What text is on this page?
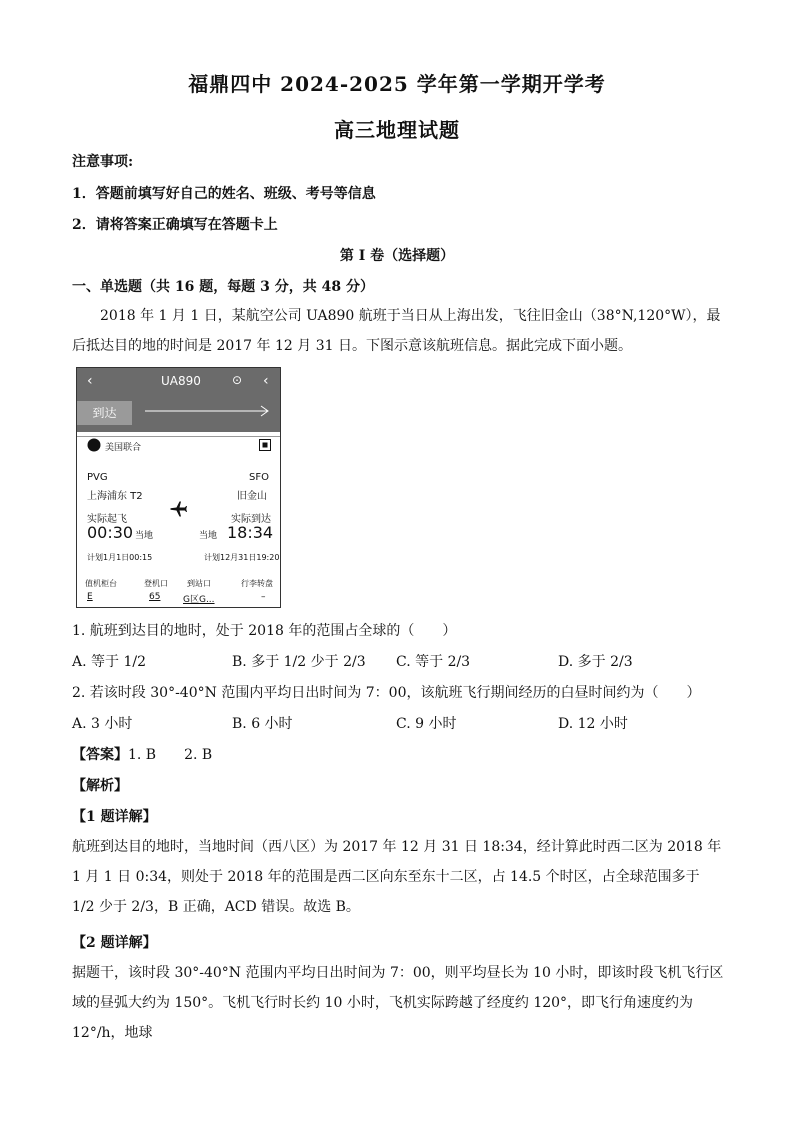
福鼎四中 2024-2025 学年第一学期开学考
高三地理试题
注意事项:
1．答题前填写好自己的姓名、班级、考号等信息
2．请将答案正确填写在答题卡上
第 I 卷（选择题）
一、单选题（共 16 题，每题 3 分，共 48 分）
2018 年 1 月 1 日，某航空公司 UA890 航班于当日从上海出发，飞往旧金山（38°N,120°W），最后抵达目的地的时间是 2017 年 12 月 31 日。下图示意该航班信息。据此完成下面小题。
‹	UA890	⊙ ‹
到达
美国联合
PVG
上海浦东 T2
SFO
旧金山
实际起飞
00:30 当地
实际到达
当地 18:34
计划1月1日00:15	计划12月31日19:20
值机柜台	登机口 到站口	行李转盘
E	65	G区G...	–
1. 航班到达目的地时，处于 2018 年的范围占全球的（　　）
A. 等于 1/2	B. 多于 1/2 少于 2/3 C. 等于 2/3	D. 多于 2/3
2. 若该时段 30°-40°N 范围内平均日出时间为 7：00，该航班飞行期间经历的白昼时间约为（　　）
A. 3 小时	B. 6 小时	C. 9 小时	D. 12 小时
【答案】1. B　　2. B
【解析】
【1 题详解】
航班到达目的地时，当地时间（西八区）为 2017 年 12 月 31 日 18:34，经计算此时西二区为 2018 年 1 月 1 日 0:34，则处于 2018 年的范围是西二区向东至东十二区，占 14.5 个时区，占全球范围多于 1/2 少于 2/3，B 正确，ACD 错误。故选 B。
【2 题详解】
据题干，该时段 30°-40°N 范围内平均日出时间为 7：00，则平均昼长为 10 小时，即该时段飞机飞行区域的昼弧大约为 150°。飞机飞行时长约 10 小时，飞机实际跨越了经度约 120°，即飞行角速度约为 12°/h，地球
